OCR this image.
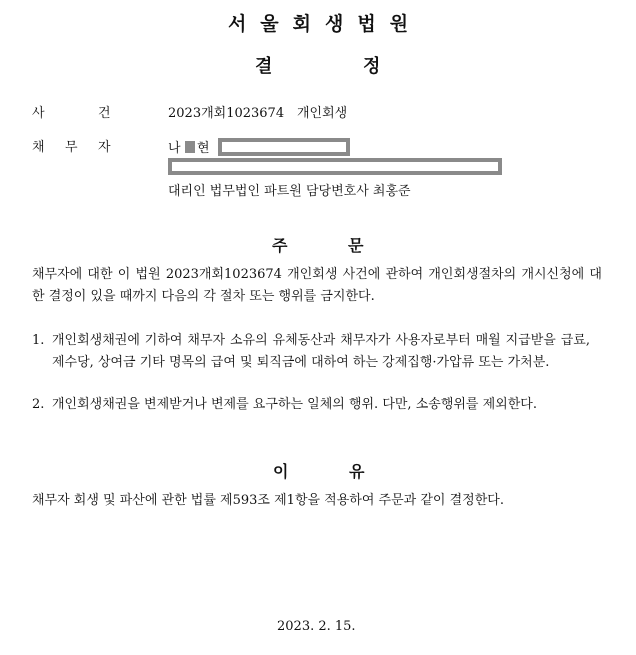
서울회생법원
결	정
사	건	2023개회1023674 개인회생
채 무 자	나 현
대리인 법무법인 파트원 담당변호사 최홍준
주	문
채무자에 대한 이 법원 2023개회1023674 개인회생 사건에 관하여 개인회생절차의 개시신청에 대한 결정이 있을 때까지 다음의 각 절차 또는 행위를 금지한다.
1. 개인회생채권에 기하여 채무자 소유의 유체동산과 채무자가 사용자로부터 매월 지급받을 급료, 제수당, 상여금 기타 명목의 급여 및 퇴직금에 대하여 하는 강제집행·가압류 또는 가처분.
2. 개인회생채권을 변제받거나 변제를 요구하는 일체의 행위. 다만, 소송행위를 제외한다.
이	유
채무자 회생 및 파산에 관한 법률 제593조 제1항을 적용하여 주문과 같이 결정한다.
2023. 2. 15.
